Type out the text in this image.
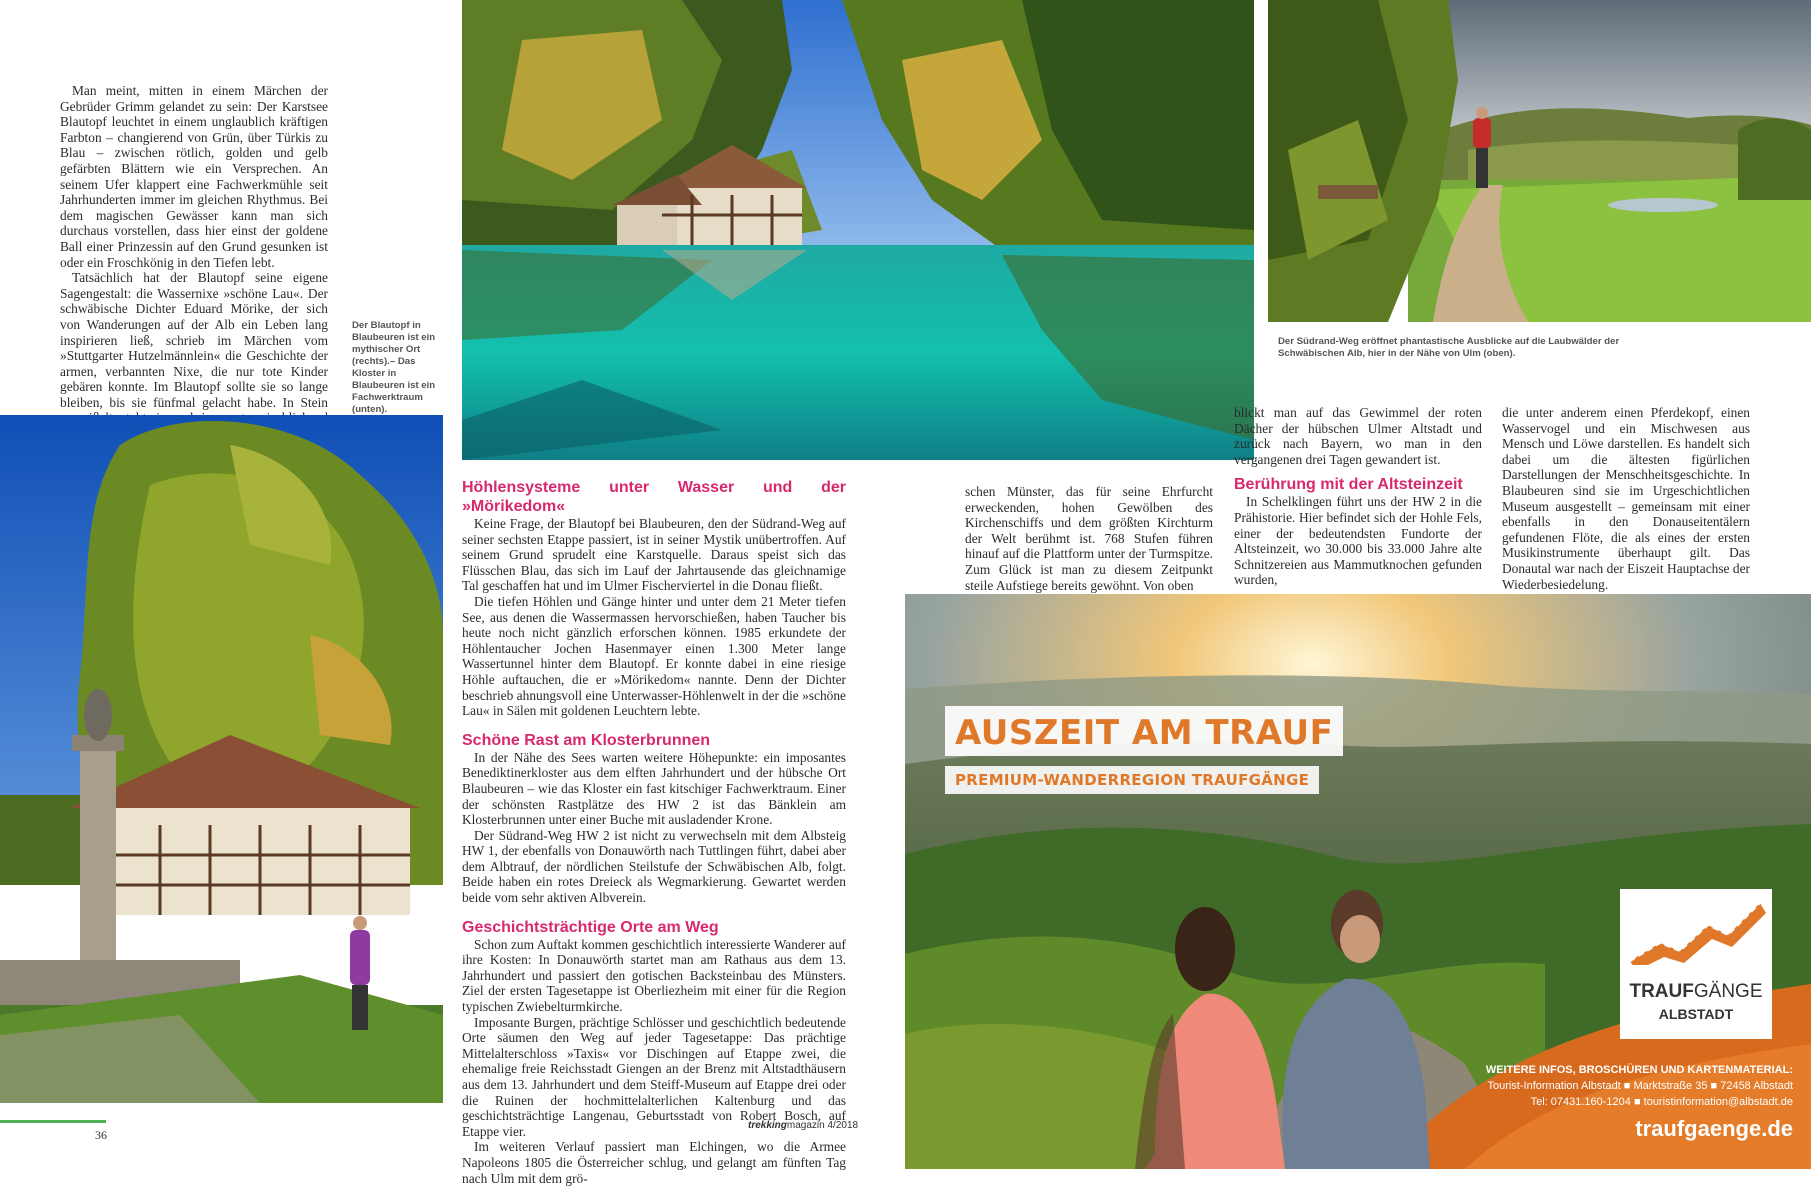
Man meint, mitten in einem Märchen der Gebrüder Grimm gelandet zu sein: Der Karstsee Blautopf leuchtet in einem unglaublich kräftigen Farbton – changierend von Grün, über Türkis zu Blau – zwischen rötlich, golden und gelb gefärbten Blättern wie ein Versprechen. An seinem Ufer klappert eine Fachwerkmühle seit Jahrhunderten immer im gleichen Rhythmus. Bei dem magischen Gewässer kann man sich durchaus vorstellen, dass hier einst der goldene Ball einer Prinzessin auf den Grund gesunken ist oder ein Froschkönig in den Tiefen lebt.

Tatsächlich hat der Blautopf seine eigene Sagengestalt: die Wassernixe »schöne Lau«. Der schwäbische Dichter Eduard Mörike, der sich von Wanderungen auf der Alb ein Leben lang inspirieren ließ, schrieb im Märchen vom »Stuttgarter Hutzelmännlein« die Geschichte der armen, verbannten Nixe, die nur tote Kinder gebären konnte. Im Blautopf sollte sie so lange bleiben, bis sie fünfmal gelacht habe. In Stein

Der Blautopf in Blaubeuren ist ein mythischer Ort (rechts).– Das Kloster in Blaubeuren ist ein Fachwerktraum (unten).
Der Südrand-Weg eröffnet phantastische Ausblicke auf die Laubwälder der Schwäbischen Alb, hier in der Nähe von Ulm (oben).
36
Höhlensysteme unter Wasser und der »Mörikedom«

Keine Frage, der Blautopf bei Blaubeuren, den der Südrand-Weg auf seiner sechsten Etappe passiert, ist in seiner Mystik unübertroffen. Auf seinem Grund sprudelt eine Karstquelle. Daraus speist sich das Flüsschen Blau, das sich im Lauf der Jahrtausende das gleichnamige Tal geschaffen hat und im Ulmer Fischerviertel in die Donau fließt.

Die tiefen Höhlen und Gänge hinter und unter dem 21 Meter tiefen See, aus denen die Wassermassen hervorschießen, haben Taucher bis heute noch nicht gänzlich erforschen können. 1985 erkundete der Höhlentaucher Jochen Hasenmayer einen 1.300 Meter lange Wassertunnel hinter dem Blautopf. Er konnte dabei in eine riesige Höhle auftauchen, die er »Mörikedom« nannte. Denn der Dichter beschrieb ahnungsvoll eine Unterwasser-Höhlenwelt in der die »schöne Lau« in Sälen mit goldenen Leuchtern lebte.

Schöne Rast am Klosterbrunnen

In der Nähe des Sees warten weitere Höhepunkte: ein imposantes Benediktinerkloster aus dem elften Jahrhundert und der hübsche Ort Blaubeuren – wie das Kloster ein fast kitschiger Fachwerktraum. Einer der schönsten Rastplätze des HW 2 ist das Bänklein am Klosterbrunnen unter einer Buche mit ausladender Krone.

Der Südrand-Weg HW 2 ist nicht zu verwechseln mit dem Albsteig HW 1, der ebenfalls von Donauwörth nach Tuttlingen führt, dabei aber dem Albtrauf, der nördlichen Steilstufe der Schwäbischen Alb, folgt. Beide haben ein rotes Dreieck als Wegmarkierung. Gewartet werden beide vom sehr aktiven Albverein.

Geschichtsträchtige Orte am Weg

Schon zum Auftakt kommen geschichtlich interessierte Wanderer auf ihre Kosten: In Donauwörth startet man am Rathaus aus dem 13. Jahrhundert und passiert den gotischen Backsteinbau des Münsters. Ziel der ersten Tagesetappe ist Oberliezheim mit einer für die Region typischen Zwiebelturmkirche.

Imposante Burgen, prächtige Schlösser und geschichtlich bedeutende Orte säumen den Weg auf jeder Tagesetappe: Das prächtige Mittelalterschloss »Taxis« vor Dischingen auf Etappe zwei, die ehemalige freie Reichsstadt Giengen an der Brenz mit Altstadthäusern aus dem 13. Jahrhundert und dem Steiff-Museum auf Etappe drei oder die Ruinen der hochmittelalterlichen Kaltenburg und das geschichtsträchtige Langenau, Geburtsstadt von Robert Bosch, auf Etappe vier.

Im weiteren Verlauf passiert man Elchingen, wo die Armee Napoleons 1805 die Österreicher schlug, und gelangt am fünften Tag nach Ulm mit dem grö-

trekkingmagazin 4/2018

schen Münster, das für seine Ehrfurcht erweckenden, hohen Gewölben des Kirchenschiffs und dem größten Kirchturm der Welt berühmt ist. 768 Stufen führen hinauf auf die Plattform unter der Turmspitze. Zum Glück ist man zu diesem Zeitpunkt steile Aufstiege bereits gewöhnt. Von oben

blickt man auf das Gewimmel der roten Dächer der hübschen Ulmer Altstadt und zurück nach Bayern, wo man in den vergangenen drei Tagen gewandert ist.

Berührung mit der Altsteinzeit

In Schelklingen führt uns der HW 2 in die Prähistorie. Hier befindet sich der Hohle Fels, einer der bedeutendsten Fundorte der Altsteinzeit, wo 30.000 bis 33.000 Jahre alte Schnitzereien aus Mammutknochen gefunden wurden,

die unter anderem einen Pferdekopf, einen Wasservogel und ein Mischwesen aus Mensch und Löwe darstellen. Es handelt sich dabei um die ältesten figürlichen Darstellungen der Menschheitsgeschichte. In Blaubeuren sind sie im Urgeschichtlichen Museum ausgestellt – gemeinsam mit einer ebenfalls in den Donauseitentälern gefundenen Flöte, die als eines der ersten Musikinstrumente überhaupt gilt. Das Donautal war nach der Eiszeit Hauptachse der Wiederbesiedelung.

AUSZEIT AM TRAUF
PREMIUM-WANDERREGION TRAUFGÄNGE
TRAUFGÄNGE
ALBSTADT
WEITERE INFOS, BROSCHÜREN UND KARTENMATERIAL:
Tourist-Information Albstadt ■ Marktstraße 35 ■ 72458 Albstadt
Tel: 07431.160-1204 ■ touristinformation@albstadt.de
traufgaenge.de
